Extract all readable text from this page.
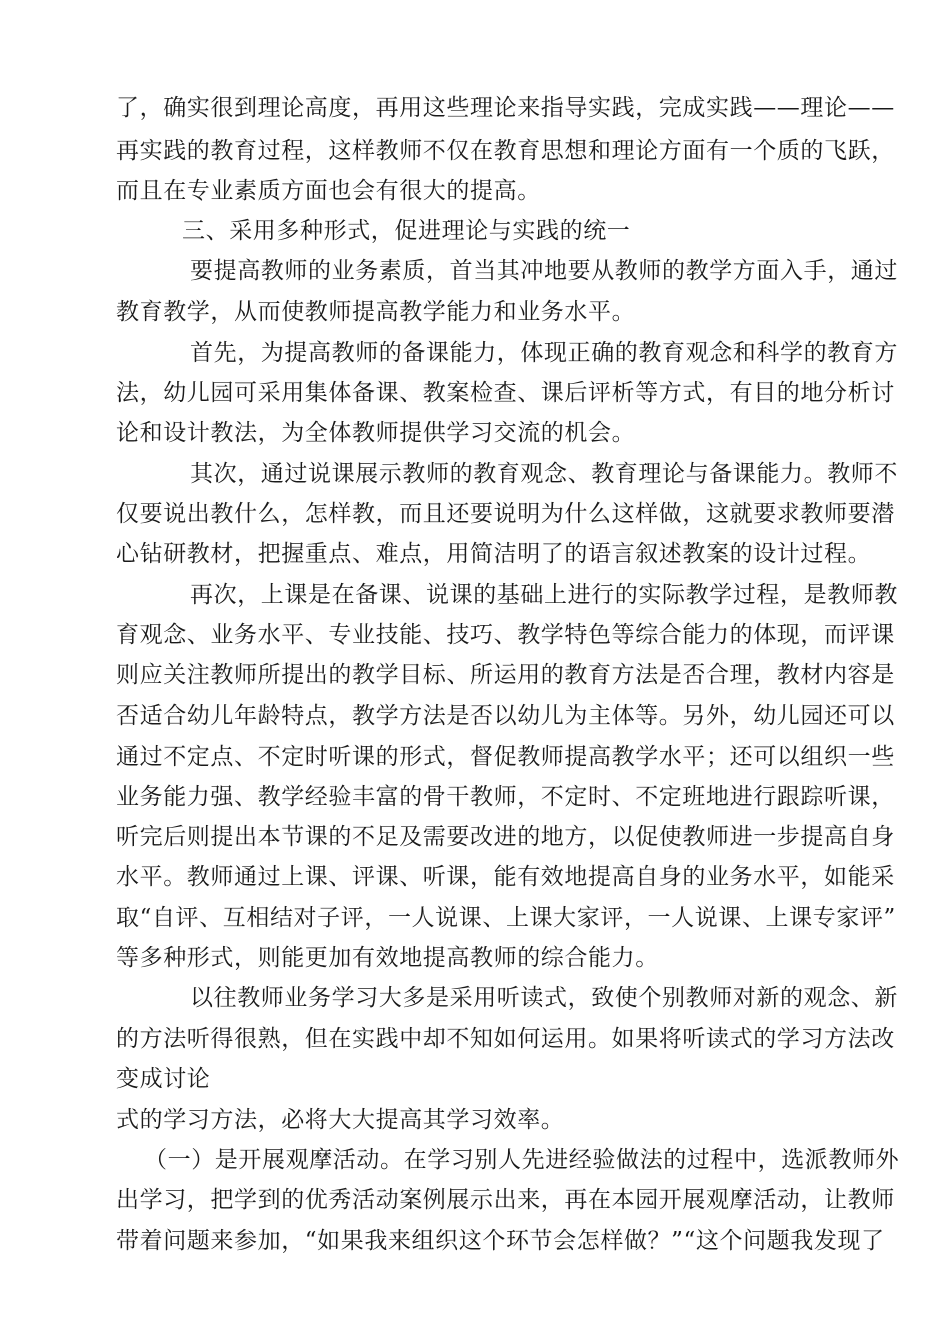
了，确实很到理论高度，再用这些理论来指导实践，完成实践——理论——

再实践的教育过程，这样教师不仅在教育思想和理论方面有一个质的飞跃，

而且在专业素质方面也会有很大的提高。

三、采用多种形式，促进理论与实践的统一

要提高教师的业务素质，首当其冲地要从教师的教学方面入手，通过

教育教学，从而使教师提高教学能力和业务水平。

首先，为提高教师的备课能力，体现正确的教育观念和科学的教育方

法，幼儿园可采用集体备课、教案检查、课后评析等方式，有目的地分析讨

论和设计教法，为全体教师提供学习交流的机会。

其次，通过说课展示教师的教育观念、教育理论与备课能力。教师不

仅要说出教什么，怎样教，而且还要说明为什么这样做，这就要求教师要潜

心钻研教材，把握重点、难点，用简洁明了的语言叙述教案的设计过程。

再次，上课是在备课、说课的基础上进行的实际教学过程，是教师教

育观念、业务水平、专业技能、技巧、教学特色等综合能力的体现，而评课

则应关注教师所提出的教学目标、所运用的教育方法是否合理，教材内容是

否适合幼儿年龄特点，教学方法是否以幼儿为主体等。另外，幼儿园还可以

通过不定点、不定时听课的形式，督促教师提高教学水平；还可以组织一些

业务能力强、教学经验丰富的骨干教师，不定时、不定班地进行跟踪听课，

听完后则提出本节课的不足及需要改进的地方，以促使教师进一步提高自身

水平。教师通过上课、评课、听课，能有效地提高自身的业务水平，如能采

取“自评、互相结对子评，一人说课、上课大家评，一人说课、上课专家评”

等多种形式，则能更加有效地提高教师的综合能力。

以往教师业务学习大多是采用听读式，致使个别教师对新的观念、新

的方法听得很熟，但在实践中却不知如何运用。如果将听读式的学习方法改

变成讨论

式的学习方法，必将大大提高其学习效率。

（一）是开展观摩活动。在学习别人先进经验做法的过程中，选派教师外

出学习，把学到的优秀活动案例展示出来，再在本园开展观摩活动，让教师

带着问题来参加，“如果我来组织这个环节会怎样做？”“这个问题我发现了
